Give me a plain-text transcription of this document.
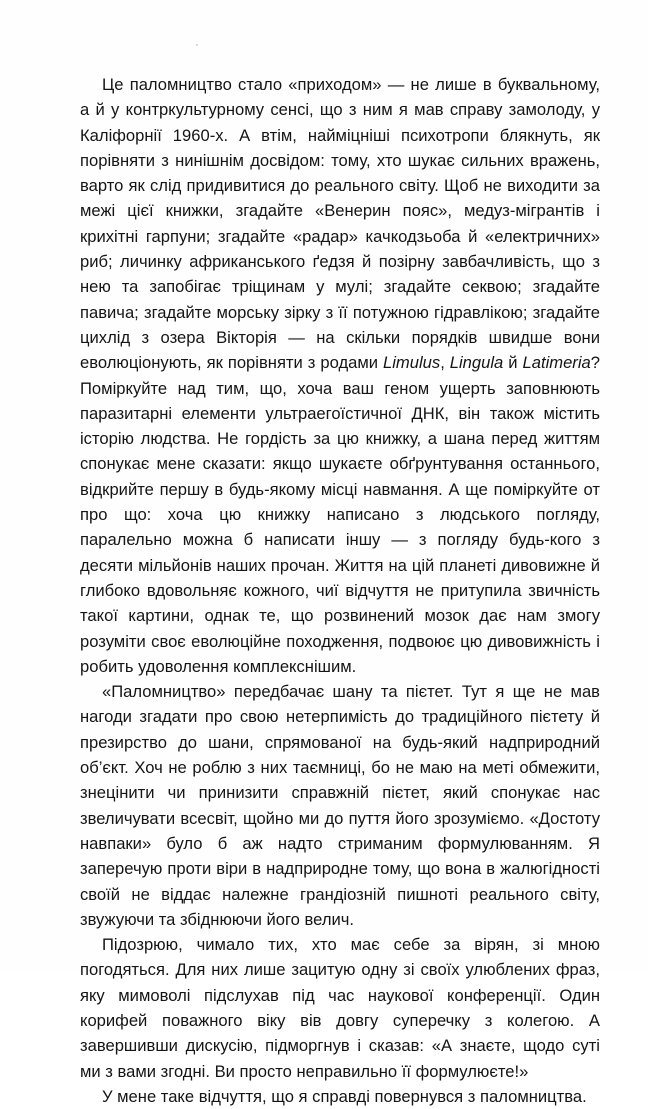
Це паломництво стало «приходом» — не лише в буквальному, а й у контркультурному сенсі, що з ним я мав справу замолоду, у Каліфорнії 1960-х. А втім, найміцніші психотропи блякнуть, як порівняти з нинішнім досвідом: тому, хто шукає сильних вражень, варто як слід придивитися до реального світу. Щоб не виходити за межі цієї книжки, згадайте «Венерин пояс», медуз-мігрантів і крихітні гарпуни; згадайте «радар» качкодзьоба й «електричних» риб; личинку африканського ґедзя й позірну завбачливість, що з нею та запобігає тріщинам у мулі; згадайте секвою; згадайте павича; згадайте морську зірку з її потужною гідравлікою; згадайте цихлід з озера Вікторія — на скільки порядків швидше вони еволюціонують, як порівняти з родами Limulus, Lingula й Latimeria? Поміркуйте над тим, що, хоча ваш геном ущерть заповнюють паразитарні елементи ультраегоїстичної ДНК, він також містить історію людства. Не гордість за цю книжку, а шана перед життям спонукає мене сказати: якщо шукаєте обґрунтування останнього, відкрийте першу в будь-якому місці навмання. А ще поміркуйте от про що: хоча цю книжку написано з людського погляду, паралельно можна б написати іншу — з погляду будь-кого з десяти мільйонів наших прочан. Життя на цій планеті дивовижне й глибоко вдовольняє кожного, чиї відчуття не притупила звичність такої картини, однак те, що розвинений мозок дає нам змогу розуміти своє еволюційне походження, подвоює цю дивовижність і робить удоволення комплекснішим.

«Паломництво» передбачає шану та пієтет. Тут я ще не мав нагоди згадати про свою нетерпимість до традиційного пієтету й презирство до шани, спрямованої на будь-який надприродний об’єкт. Хоч не роблю з них таємниці, бо не маю на меті обмежити, знецінити чи принизити справжній пієтет, який спонукає нас звеличувати всесвіт, щойно ми до пуття його зрозуміємо. «Достоту навпаки» було б аж надто стриманим формулюванням. Я заперечую проти віри в надприродне тому, що вона в жалюгідності своїй не віддає належне грандіозній пишноті реального світу, звужуючи та збіднюючи його велич.

Підозрюю, чимало тих, хто має себе за вірян, зі мною погодяться. Для них лише зацитую одну зі своїх улюблених фраз, яку мимоволі підслухав під час наукової конференції. Один корифей поважного віку вів довгу суперечку з колегою. А завершивши дискусію, підморгнув і сказав: «А знаєте, щодо суті ми з вами згодні. Ви просто неправильно її формулюєте!»

У мене таке відчуття, що я справді повернувся з паломництва.
